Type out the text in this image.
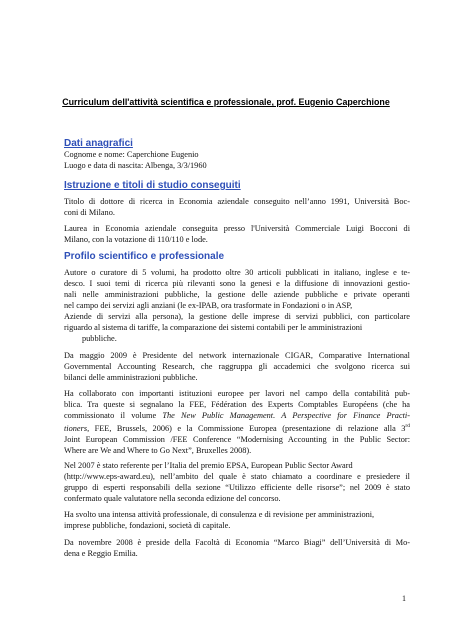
Curriculum dell'attività scientifica e professionale, prof. Eugenio Caperchione
Dati anagrafici
Cognome e nome: Caperchione Eugenio
Luogo e data di nascita: Albenga, 3/3/1960
Istruzione e titoli di studio conseguiti
Titolo di dottore di ricerca in Economia aziendale conseguito nell’anno 1991, Università Boc-
coni di Milano.
Laurea in Economia aziendale conseguita presso l'Università Commerciale Luigi Bocconi di
Milano, con la votazione di 110/110 e lode.
Profilo scientifico e professionale
Autore o curatore di 5 volumi, ha prodotto oltre 30 articoli pubblicati in italiano, inglese e te-
desco. I suoi temi di ricerca più rilevanti sono la genesi e la diffusione di innovazioni gestio-
nali nelle amministrazioni pubbliche, la gestione delle aziende pubbliche e private operanti
nel campo dei servizi agli anziani (le ex-IPAB, ora trasformate in Fondazioni o in ASP,
Aziende di servizi alla persona), la gestione delle imprese di servizi pubblici, con particolare
riguardo al sistema di tariffe, la comparazione dei sistemi contabili per le amministrazioni
pubbliche.
Da maggio 2009 è Presidente del network internazionale CIGAR, Comparative International
Governmental Accounting Research, che raggruppa gli accademici che svolgono ricerca sui
bilanci delle amministrazioni pubbliche.
Ha collaborato con importanti istituzioni europee per lavori nel campo della contabilità pub-
blica. Tra queste si segnalano la FEE, Fédération des Experts Comptables Européens (che ha
commissionato il volume The New Public Management. A Perspective for Finance Practi-
tioners, FEE, Brussels, 2006) e la Commissione Europea (presentazione di relazione alla 3rd
Joint European Commission /FEE Conference “Modernising Accounting in the Public Sector:
Where are We and Where to Go Next”, Bruxelles 2008).
Nel 2007 è stato referente per l’Italia del premio EPSA, European Public Sector Award
(http://www.eps-award.eu), nell’ambito del quale è stato chiamato a coordinare e presiedere il
gruppo di esperti responsabili della sezione “Utilizzo efficiente delle risorse”; nel 2009 è stato
confermato quale valutatore nella seconda edizione del concorso.
Ha svolto una intensa attività professionale, di consulenza e di revisione per amministrazioni,
imprese pubbliche, fondazioni, società di capitale.
Da novembre 2008 è preside della Facoltà di Economia “Marco Biagi” dell’Università di Mo-
dena e Reggio Emilia.
1
